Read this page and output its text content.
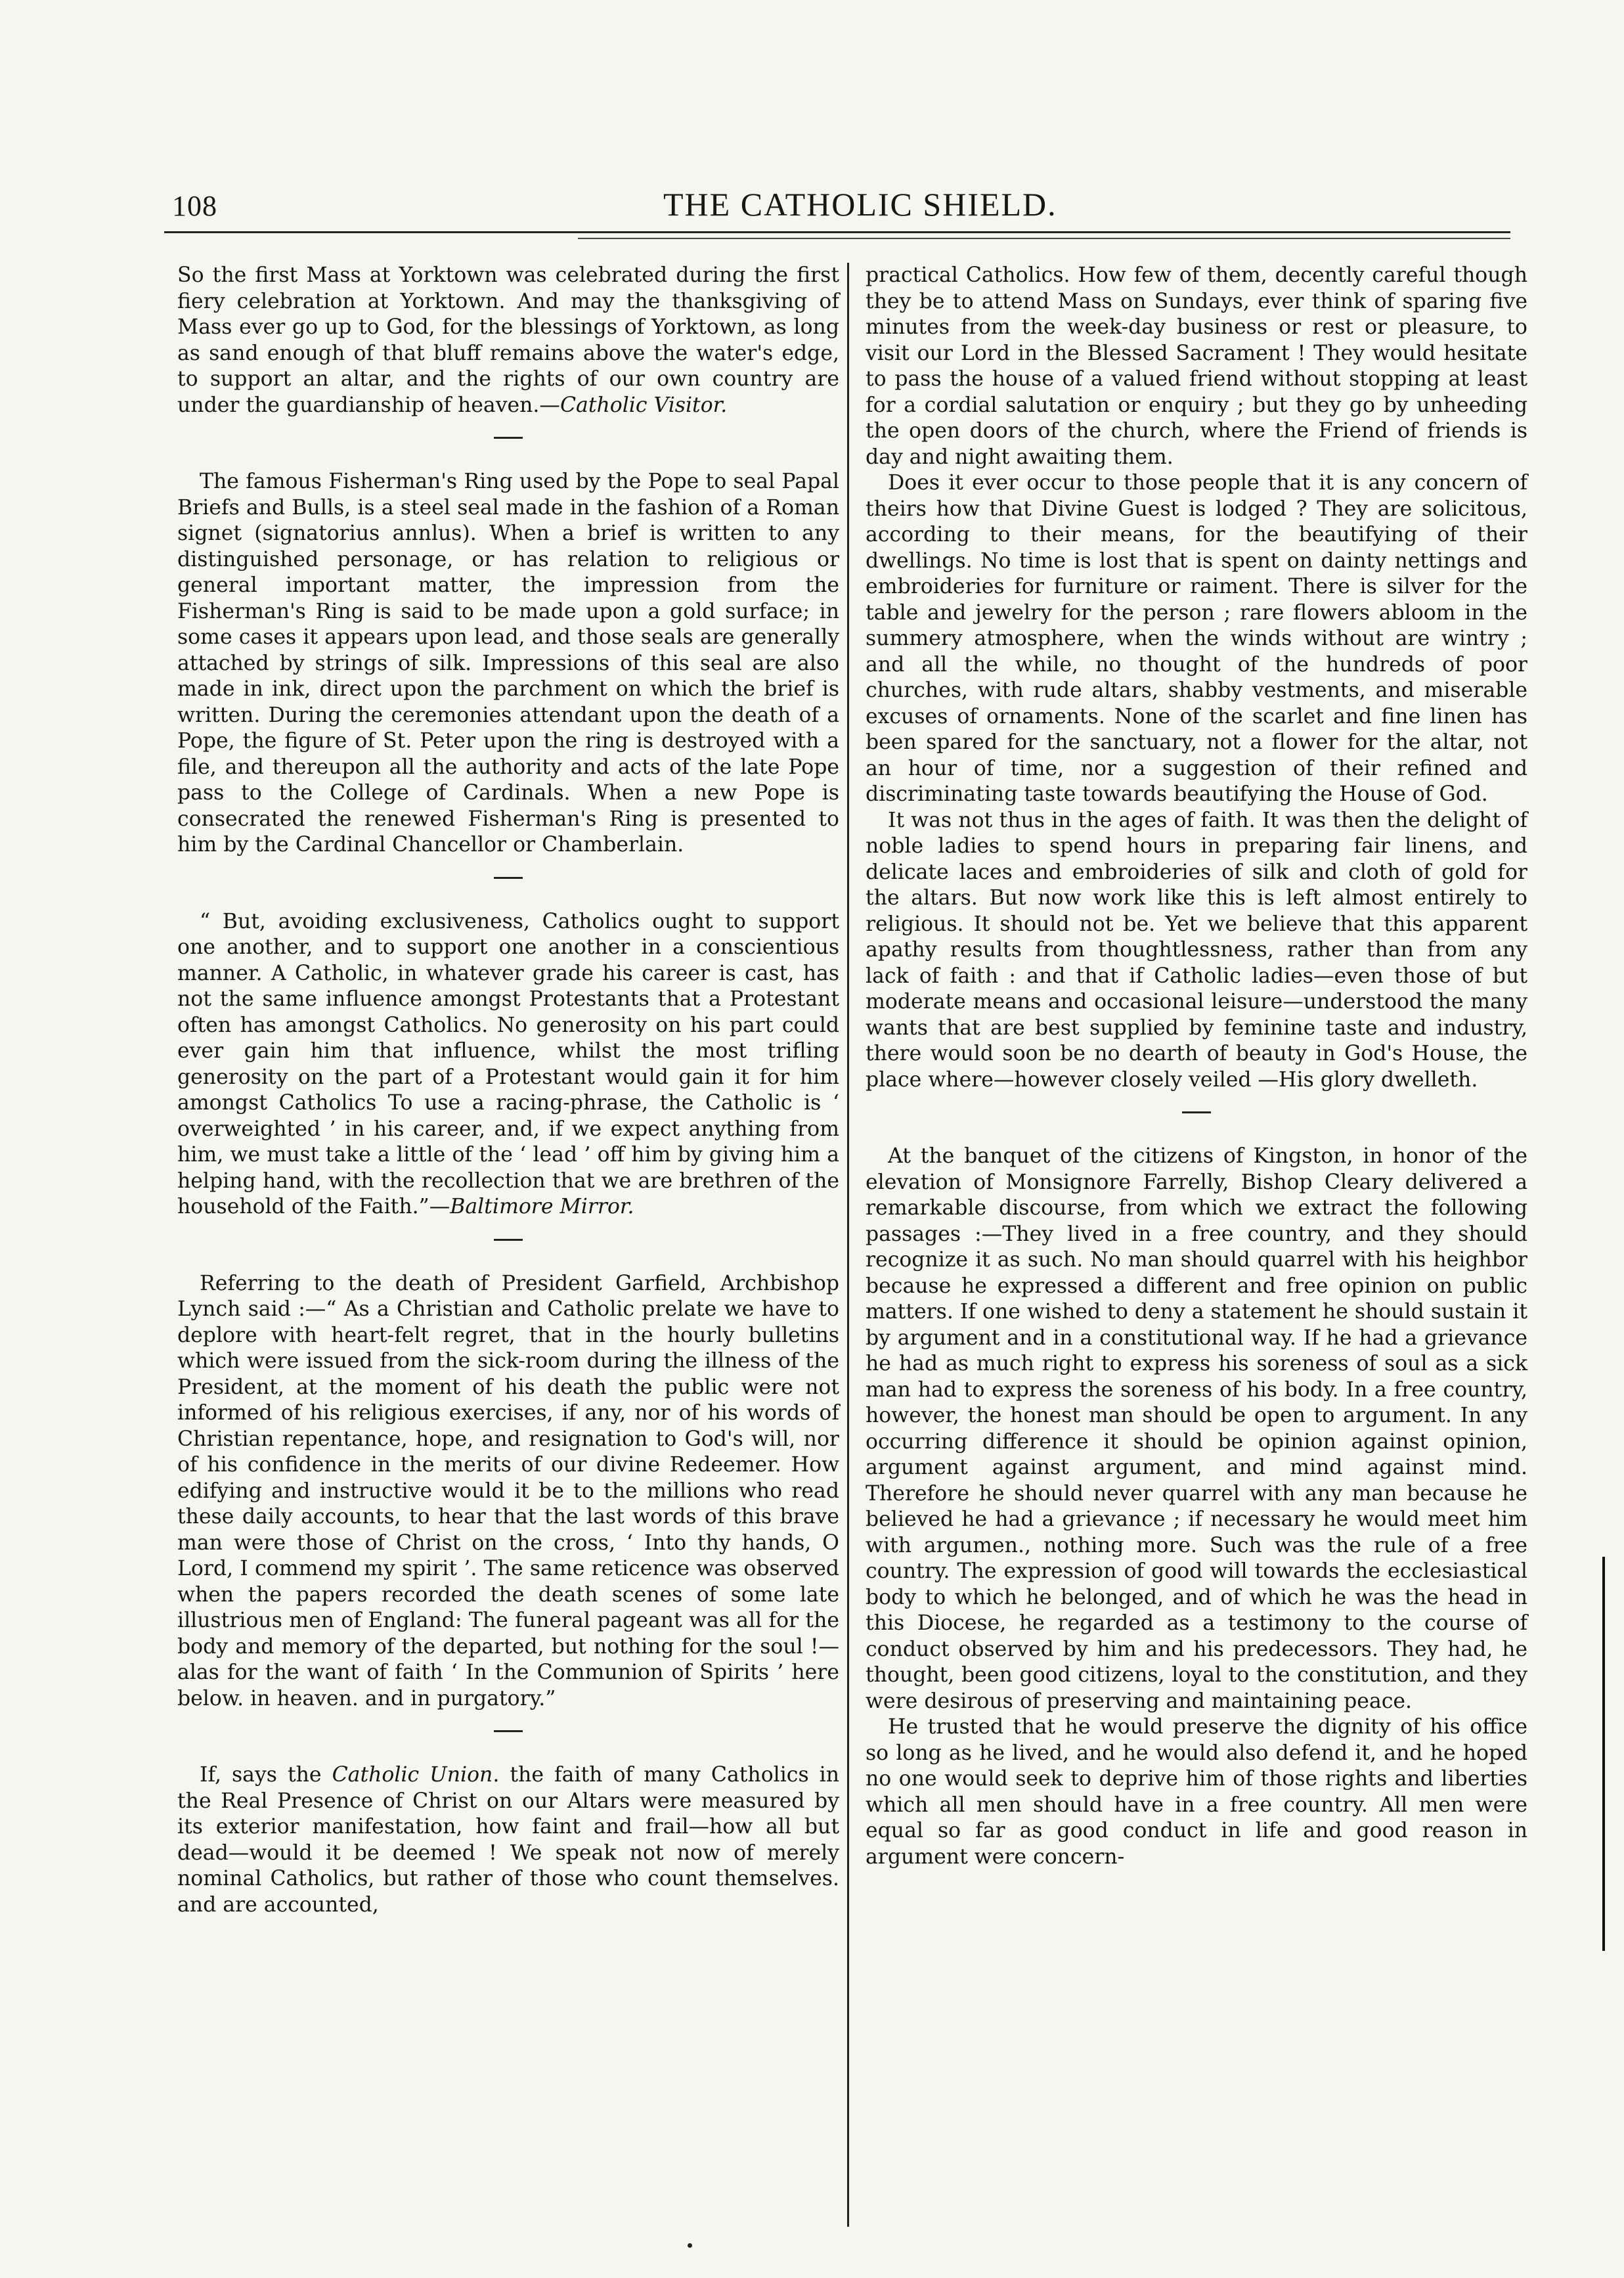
108	THE CATHOLIC SHIELD.

So the first Mass at Yorktown was celebrated during the first fiery celebration at Yorktown. And may the thanksgiving of Mass ever go up to God, for the blessings of Yorktown, as long as sand enough of that bluff remains above the water's edge, to support an altar, and the rights of our own country are under the guardianship of heaven.—Catholic Visitor.

The famous Fisherman's Ring used by the Pope to seal Papal Briefs and Bulls, is a steel seal made in the fashion of a Roman signet (signatorius annlus). When a brief is written to any distinguished personage, or has relation to religious or general important matter, the impression from the Fisherman's Ring is said to be made upon a gold surface; in some cases it appears upon lead, and those seals are generally attached by strings of silk. Impressions of this seal are also made in ink, direct upon the parchment on which the brief is written. During the ceremonies attendant upon the death of a Pope, the figure of St. Peter upon the ring is destroyed with a file, and thereupon all the authority and acts of the late Pope pass to the College of Cardinals. When a new Pope is consecrated the renewed Fisherman's Ring is presented to him by the Cardinal Chancellor or Chamberlain.

“ But, avoiding exclusiveness, Catholics ought to support one another, and to support one another in a conscientious manner. A Catholic, in whatever grade his career is cast, has not the same influence amongst Protestants that a Protestant often has amongst Catholics. No generosity on his part could ever gain him that influence, whilst the most trifling generosity on the part of a Protestant would gain it for him amongst Catholics To use a racing-phrase, the Catholic is ‘ overweighted ’ in his career, and, if we expect anything from him, we must take a little of the ‘ lead ’ off him by giving him a helping hand, with the recollection that we are brethren of the household of the Faith.”—Baltimore Mirror.

Referring to the death of President Garfield, Archbishop Lynch said :—“ As a Christian and Catholic prelate we have to deplore with heart-felt regret, that in the hourly bulletins which were issued from the sick-room during the illness of the President, at the moment of his death the public were not informed of his religious exercises, if any, nor of his words of Christian repentance, hope, and resignation to God's will, nor of his confidence in the merits of our divine Redeemer. How edifying and instructive would it be to the millions who read these daily accounts, to hear that the last words of this brave man were those of Christ on the cross, ‘ Into thy hands, O Lord, I commend my spirit ’. The same reticence was observed when the papers recorded the death scenes of some late illustrious men of England: The funeral pageant was all for the body and memory of the departed, but nothing for the soul !—alas for the want of faith ‘ In the Communion of Spirits ’ here below. in heaven. and in purgatory.”

If, says the Catholic Union. the faith of many Catholics in the Real Presence of Christ on our Altars were measured by its exterior manifestation, how faint and frail—how all but dead—would it be deemed ! We speak not now of merely nominal Catholics, but rather of those who count themselves. and are accounted,

practical Catholics. How few of them, decently careful though they be to attend Mass on Sundays, ever think of sparing five minutes from the week-day business or rest or pleasure, to visit our Lord in the Blessed Sacrament ! They would hesitate to pass the house of a valued friend without stopping at least for a cordial salutation or enquiry ; but they go by unheeding the open doors of the church, where the Friend of friends is day and night awaiting them.

Does it ever occur to those people that it is any concern of theirs how that Divine Guest is lodged ? They are solicitous, according to their means, for the beautifying of their dwellings. No time is lost that is spent on dainty nettings and embroideries for furniture or raiment. There is silver for the table and jewelry for the person ; rare flowers abloom in the summery atmosphere, when the winds without are wintry ; and all the while, no thought of the hundreds of poor churches, with rude altars, shabby vestments, and miserable excuses of ornaments. None of the scarlet and fine linen has been spared for the sanctuary, not a flower for the altar, not an hour of time, nor a suggestion of their refined and discriminating taste towards beautifying the House of God.

It was not thus in the ages of faith. It was then the delight of noble ladies to spend hours in preparing fair linens, and delicate laces and embroideries of silk and cloth of gold for the altars. But now work like this is left almost entirely to religious. It should not be. Yet we believe that this apparent apathy results from thoughtlessness, rather than from any lack of faith : and that if Catholic ladies—even those of but moderate means and occasional leisure—understood the many wants that are best supplied by feminine taste and industry, there would soon be no dearth of beauty in God's House, the place where—however closely veiled —His glory dwelleth.

At the banquet of the citizens of Kingston, in honor of the elevation of Monsignore Farrelly, Bishop Cleary delivered a remarkable discourse, from which we extract the following passages :—They lived in a free country, and they should recognize it as such. No man should quarrel with his heighbor because he expressed a different and free opinion on public matters. If one wished to deny a statement he should sustain it by argument and in a constitutional way. If he had a grievance he had as much right to express his soreness of soul as a sick man had to express the soreness of his body. In a free country, however, the honest man should be open to argument. In any occurring difference it should be opinion against opinion, argument against argument, and mind against mind. Therefore he should never quarrel with any man because he believed he had a grievance ; if necessary he would meet him with argumen., nothing more. Such was the rule of a free country. The expression of good will towards the ecclesiastical body to which he belonged, and of which he was the head in this Diocese, he regarded as a testimony to the course of conduct observed by him and his predecessors. They had, he thought, been good citizens, loyal to the constitution, and they were desirous of preserving and maintaining peace.

He trusted that he would preserve the dignity of his office so long as he lived, and he would also defend it, and he hoped no one would seek to deprive him of those rights and liberties which all men should have in a free country. All men were equal so far as good conduct in life and good reason in argument were concern-
